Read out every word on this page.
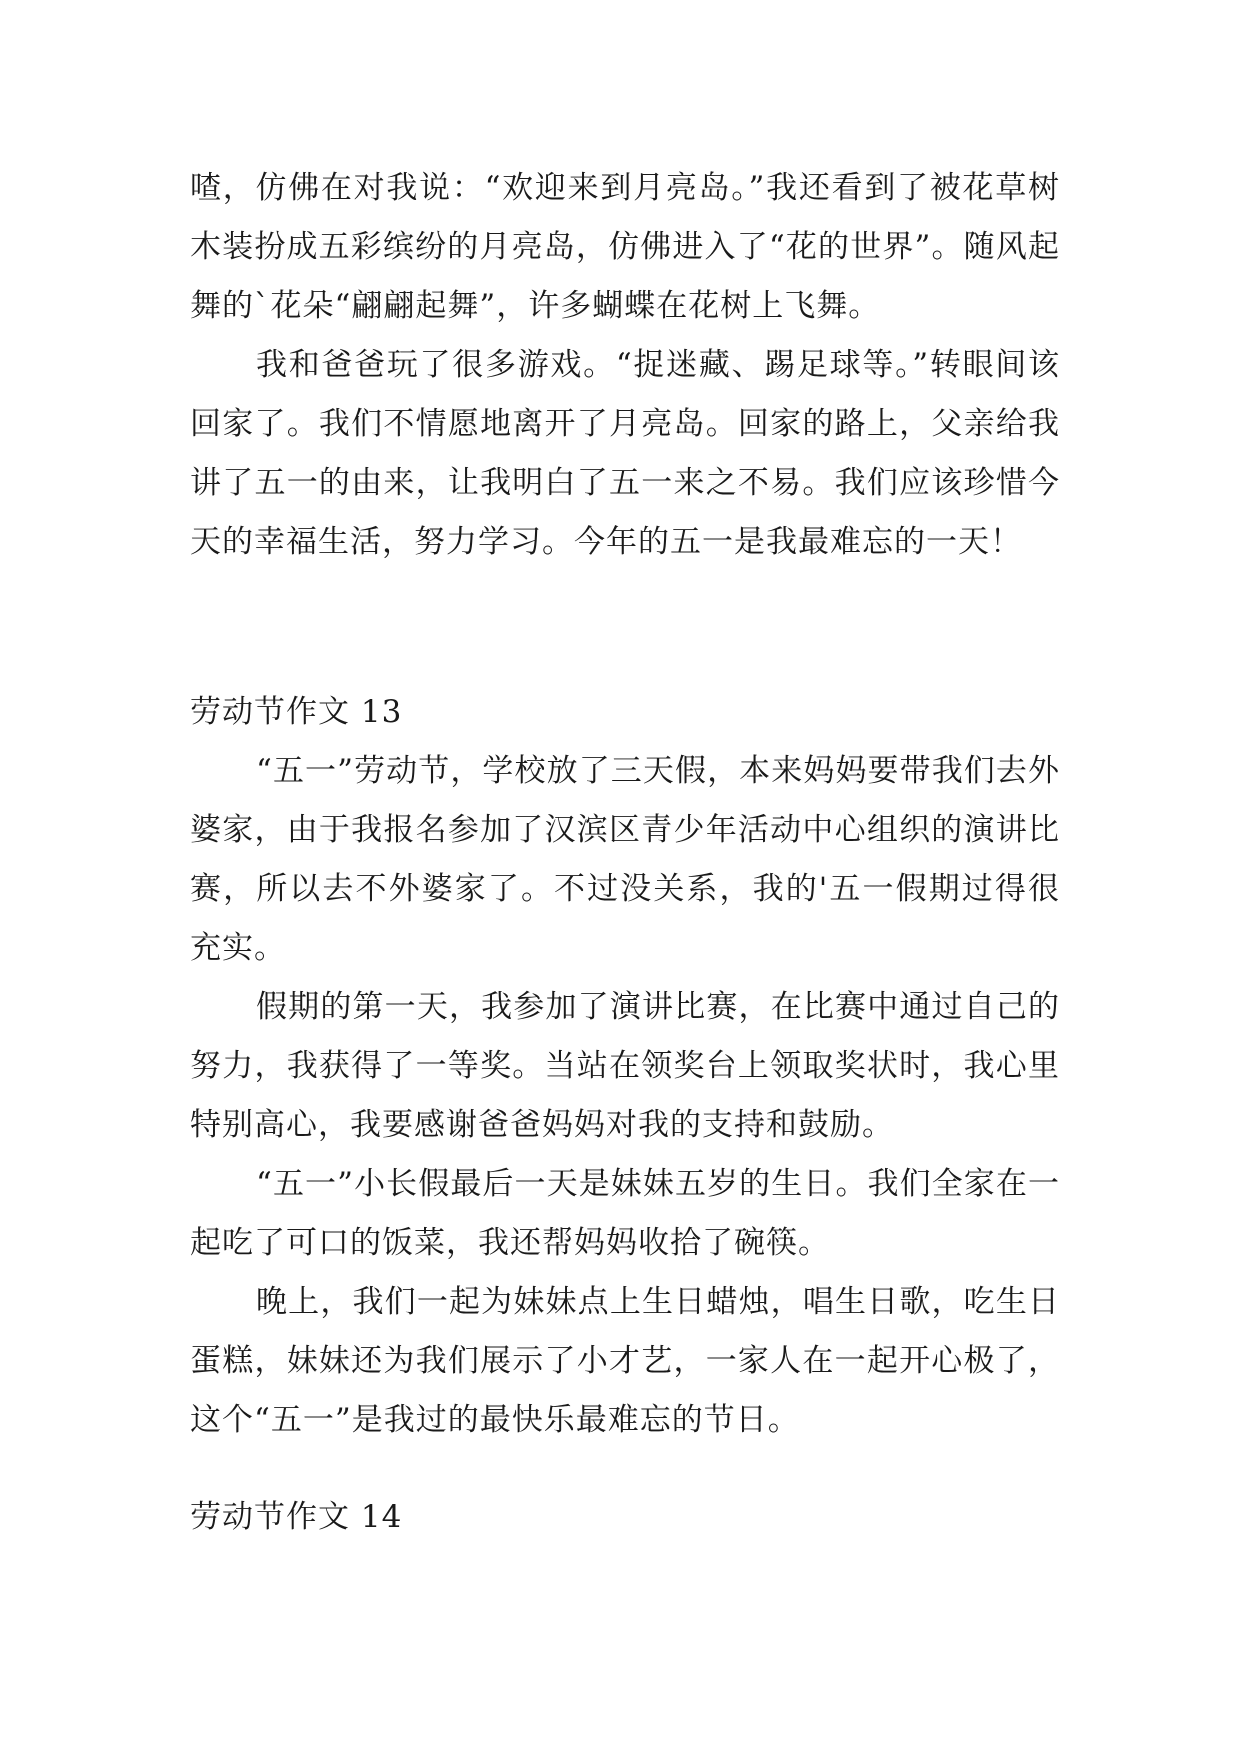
喳，仿佛在对我说：“欢迎来到月亮岛。”我还看到了被花草树木装扮成五彩缤纷的月亮岛，仿佛进入了“花的世界”。随风起舞的`花朵“翩翩起舞”，许多蝴蝶在花树上飞舞。

我和爸爸玩了很多游戏。“捉迷藏、踢足球等。”转眼间该回家了。我们不情愿地离开了月亮岛。回家的路上，父亲给我讲了五一的由来，让我明白了五一来之不易。我们应该珍惜今天的幸福生活，努力学习。今年的五一是我最难忘的一天！

劳动节作文 13

“五一”劳动节，学校放了三天假，本来妈妈要带我们去外婆家，由于我报名参加了汉滨区青少年活动中心组织的演讲比赛，所以去不外婆家了。不过没关系，我的'五一假期过得很充实。

假期的第一天，我参加了演讲比赛，在比赛中通过自己的努力，我获得了一等奖。当站在领奖台上领取奖状时，我心里特别高心，我要感谢爸爸妈妈对我的支持和鼓励。

“五一”小长假最后一天是妹妹五岁的生日。我们全家在一起吃了可口的饭菜，我还帮妈妈收拾了碗筷。

晚上，我们一起为妹妹点上生日蜡烛，唱生日歌，吃生日蛋糕，妹妹还为我们展示了小才艺，一家人在一起开心极了，这个“五一”是我过的最快乐最难忘的节日。

劳动节作文 14
